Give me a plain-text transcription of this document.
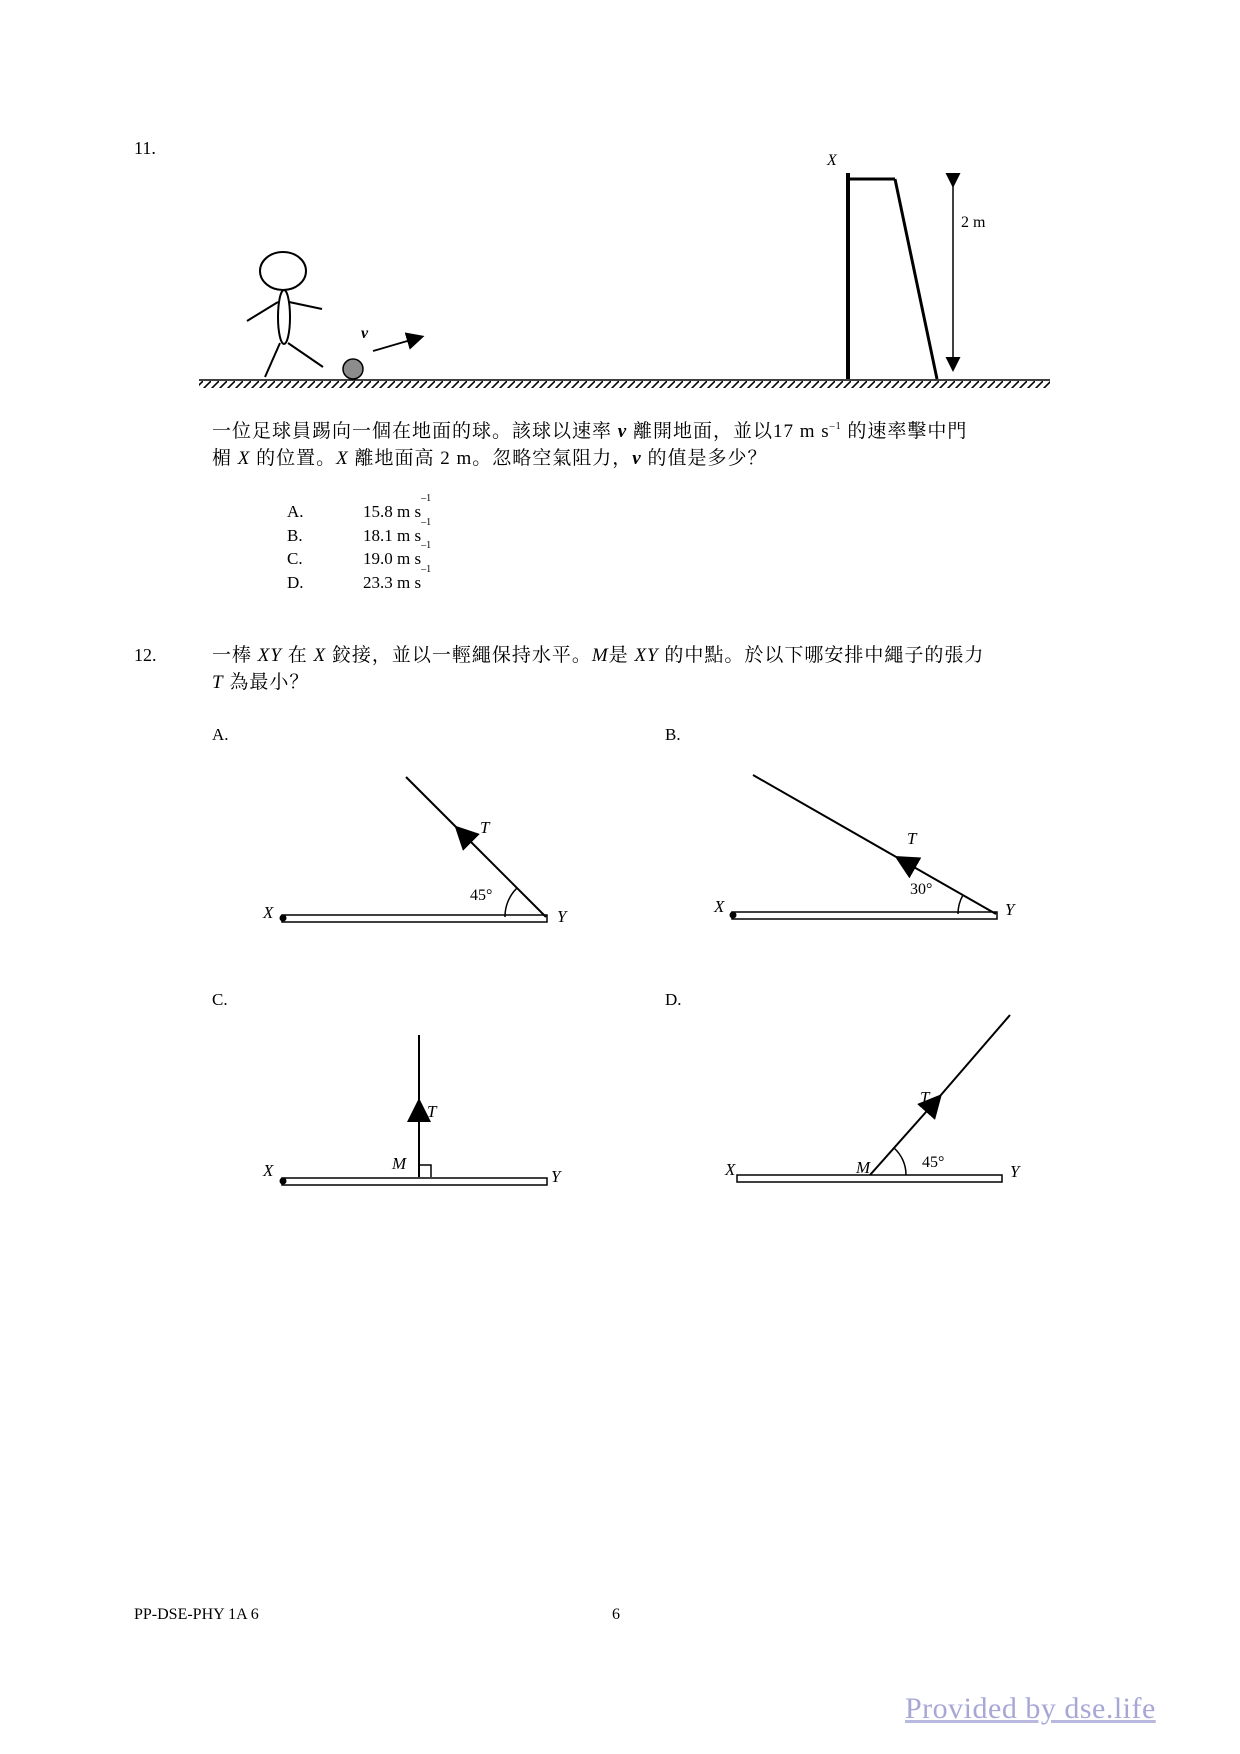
11.
v
X
2 m
一位足球員踢向一個在地面的球。該球以速率 v 離開地面，並以17 m $s^{-1}$ 的速率擊中門
楣 X 的位置。X 離地面高 2 m。忽略空氣阻力，v 的值是多少？
A.	15.8 m s
$^{-1}$
B.	18.1 m s
$^{-1}$
C.	19.0 m s
$^{-1}$
D.	23.3 m s
$^{-1}$
12.	一棒 XY 在 X 鉸接，並以一輕繩保持水平。M是 XY 的中點。於以下哪安排中繩子的張力
T 為最小？
A.	B.
C.	D.
45°
T
X	Y
30°
T
X	Y
T
M
X	Y
45°
T
M
X	Y
PP-DSE-PHY 1A 6	6
Provided by dse.life
